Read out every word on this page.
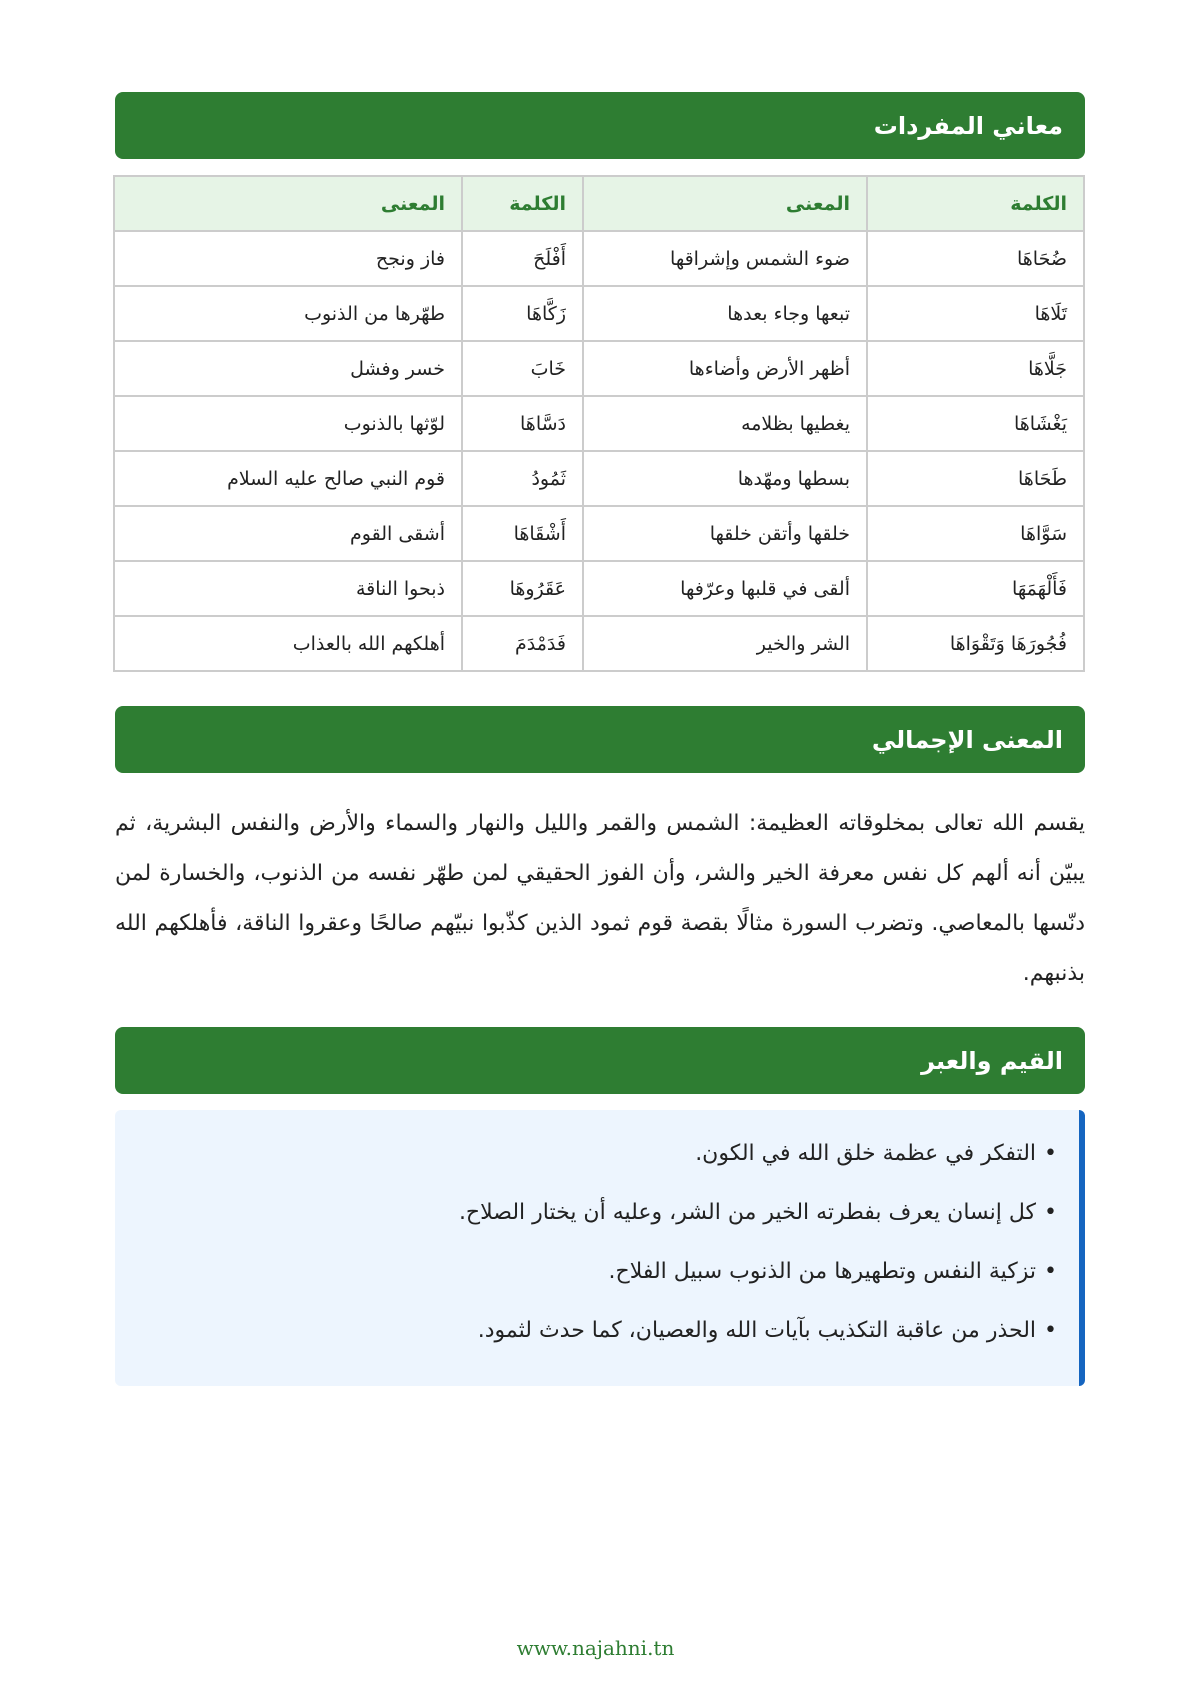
معاني المفردات
الكلمة	المعنى	الكلمة	المعنى
ضُحَاهَا	ضوء الشمس وإشراقها	أَفْلَحَ	فاز ونجح
تَلَاهَا	تبعها وجاء بعدها	زَكَّاهَا	طهّرها من الذنوب
جَلَّاهَا	أظهر الأرض وأضاءها	خَابَ	خسر وفشل
يَغْشَاهَا	يغطيها بظلامه	دَسَّاهَا	لوّثها بالذنوب
طَحَاهَا	بسطها ومهّدها	ثَمُودُ	قوم النبي صالح عليه السلام
سَوَّاهَا	خلقها وأتقن خلقها	أَشْقَاهَا	أشقى القوم
فَأَلْهَمَهَا	ألقى في قلبها وعرّفها	عَقَرُوهَا	ذبحوا الناقة
فُجُورَهَا وَتَقْوَاهَا	الشر والخير	فَدَمْدَمَ	أهلكهم الله بالعذاب
المعنى الإجمالي

يقسم الله تعالى بمخلوقاته العظيمة: الشمس والقمر والليل والنهار والسماء والأرض والنفس البشرية، ثم يبيّن أنه ألهم كل نفس معرفة الخير والشر، وأن الفوز الحقيقي لمن طهّر نفسه من الذنوب، والخسارة لمن دنّسها بالمعاصي. وتضرب السورة مثالًا بقصة قوم ثمود الذين كذّبوا نبيّهم صالحًا وعقروا الناقة، فأهلكهم الله بذنبهم.

القيم والعبر
•
التفكر في عظمة خلق الله في الكون.
•
كل إنسان يعرف بفطرته الخير من الشر، وعليه أن يختار الصلاح.
•
تزكية النفس وتطهيرها من الذنوب سبيل الفلاح.
•
الحذر من عاقبة التكذيب بآيات الله والعصيان، كما حدث لثمود.
www.najahni.tn
